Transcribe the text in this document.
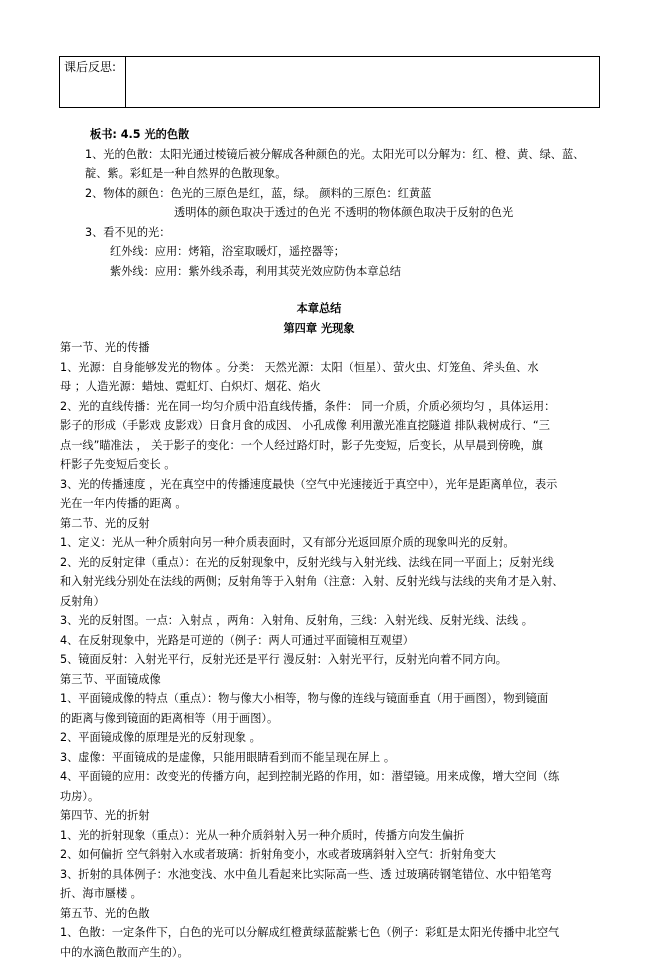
课后反思:
板书: 4.5 光的色散
1、光的色散：太阳光通过棱镜后被分解成各种颜色的光。太阳光可以分解为：红、橙、黄、绿、蓝、
靛、紫。彩虹是一种自然界的色散现象。
2、物体的颜色：色光的三原色是红，蓝，绿。 颜料的三原色：红黄蓝
透明体的颜色取决于透过的色光 不透明的物体颜色取决于反射的色光
3、看不见的光：
红外线：应用：烤箱，浴室取暖灯，遥控器等；
紫外线：应用：紫外线杀毒，利用其荧光效应防伪本章总结
本章总结
第四章 光现象
第一节、光的传播
1、光源：自身能够发光的物体 。分类： 天然光源：太阳（恒星）、萤火虫、灯笼鱼、斧头鱼、水
母 ；人造光源：蜡烛、霓虹灯、白炽灯、烟花、焰火
2、光的直线传播：光在同一均匀介质中沿直线传播，条件： 同一介质，介质必须均匀 ，具体运用：
影子的形成（手影戏 皮影戏）日食月食的成因、 小孔成像 利用激光准直挖隧道 排队栽树成行、“三
点一线”瞄准法 ， 关于影子的变化：一个人经过路灯时，影子先变短，后变长，从早晨到傍晚，旗
杆影子先变短后变长 。
3、光的传播速度 ，光在真空中的传播速度最快（空气中光速接近于真空中），光年是距离单位，表示
光在一年内传播的距离 。
第二节、光的反射
1、定义：光从一种介质射向另一种介质表面时，又有部分光返回原介质的现象叫光的反射。
2、光的反射定律（重点）：在光的反射现象中，反射光线与入射光线、法线在同一平面上；反射光线
和入射光线分别处在法线的两侧；反射角等于入射角（注意：入射、反射光线与法线的夹角才是入射、
反射角）
3、光的反射图。一点：入射点 ，两角：入射角、反射角，三线：入射光线、反射光线、法线 。
4、在反射现象中，光路是可逆的（例子：两人可通过平面镜相互观望）
5、镜面反射：入射光平行，反射光还是平行 漫反射：入射光平行，反射光向着不同方向。
第三节、平面镜成像
1、平面镜成像的特点（重点）：物与像大小相等，物与像的连线与镜面垂直（用于画图），物到镜面
的距离与像到镜面的距离相等（用于画图）。
2、平面镜成像的原理是光的反射现象 。
3、虚像：平面镜成的是虚像，只能用眼睛看到而不能呈现在屏上 。
4、平面镜的应用：改变光的传播方向，起到控制光路的作用，如：潜望镜。用来成像，增大空间（练
功房）。
第四节、光的折射
1、光的折射现象（重点）：光从一种介质斜射入另一种介质时，传播方向发生偏折
2、如何偏折 空气斜射入水或者玻璃：折射角变小，水或者玻璃斜射入空气：折射角变大
3、折射的具体例子：水池变浅、水中鱼儿看起来比实际高一些、透 过玻璃砖钢笔错位、水中铅笔弯
折、海市蜃楼 。
第五节、光的色散
1、色散：一定条件下，白色的光可以分解成红橙黄绿蓝靛紫七色（例子：彩虹是太阳光传播中北空气
中的水滴色散而产生的）。
